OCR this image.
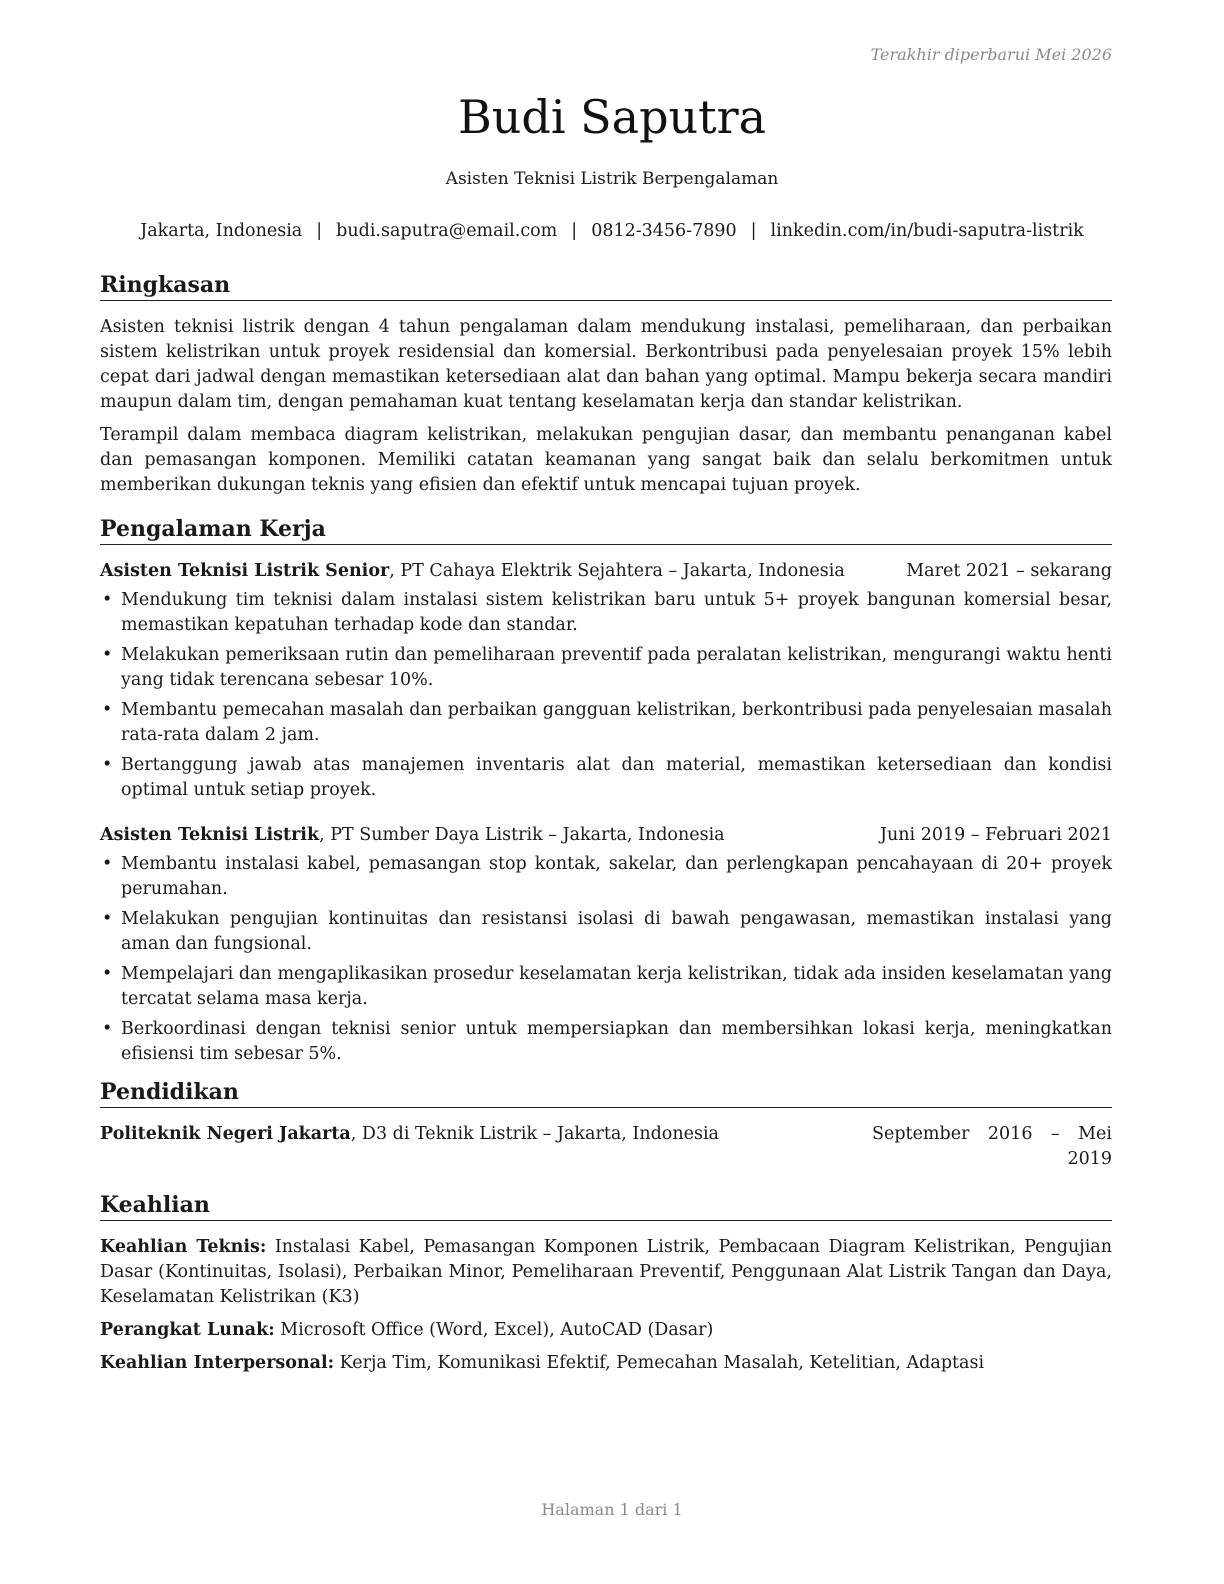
Terakhir diperbarui Mei 2026
Budi Saputra
Asisten Teknisi Listrik Berpengalaman
Jakarta, Indonesia | budi.saputra@email.com | 0812-3456-7890 | linkedin.com/in/budi-saputra-listrik
Ringkasan

Asisten teknisi listrik dengan 4 tahun pengalaman dalam mendukung instalasi, pemeliharaan, dan perbaikan sistem kelistrikan untuk proyek residensial dan komersial. Berkontribusi pada penyelesaian proyek 15% lebih cepat dari jadwal dengan memastikan ketersediaan alat dan bahan yang optimal. Mampu bekerja secara mandiri maupun dalam tim, dengan pemahaman kuat tentang keselamatan kerja dan standar kelistrikan.

Terampil dalam membaca diagram kelistrikan, melakukan pengujian dasar, dan membantu penanganan kabel dan pemasangan komponen. Memiliki catatan keamanan yang sangat baik dan selalu berkomitmen untuk memberikan dukungan teknis yang efisien dan efektif untuk mencapai tujuan proyek.

Pengalaman Kerja
Asisten Teknisi Listrik Senior, PT Cahaya Elektrik Sejahtera – Jakarta, Indonesia	Maret 2021 – sekarang
• Mendukung tim teknisi dalam instalasi sistem kelistrikan baru untuk 5+ proyek bangunan komersial besar, memastikan kepatuhan terhadap kode dan standar.
• Melakukan pemeriksaan rutin dan pemeliharaan preventif pada peralatan kelistrikan, mengurangi waktu henti yang tidak terencana sebesar 10%.
• Membantu pemecahan masalah dan perbaikan gangguan kelistrikan, berkontribusi pada penyelesaian masalah rata-rata dalam 2 jam.
• Bertanggung jawab atas manajemen inventaris alat dan material, memastikan ketersediaan dan kondisi optimal untuk setiap proyek.
Asisten Teknisi Listrik, PT Sumber Daya Listrik – Jakarta, Indonesia	Juni 2019 – Februari 2021
• Membantu instalasi kabel, pemasangan stop kontak, sakelar, dan perlengkapan pencahayaan di 20+ proyek perumahan.
• Melakukan pengujian kontinuitas dan resistansi isolasi di bawah pengawasan, memastikan instalasi yang aman dan fungsional.
• Mempelajari dan mengaplikasikan prosedur keselamatan kerja kelistrikan, tidak ada insiden keselamatan yang tercatat selama masa kerja.
• Berkoordinasi dengan teknisi senior untuk mempersiapkan dan membersihkan lokasi kerja, meningkatkan efisiensi tim sebesar 5%.
Pendidikan
Politeknik Negeri Jakarta, D3 di Teknik Listrik – Jakarta, Indonesia	September 2016 – Mei 2019
Keahlian

Keahlian Teknis: Instalasi Kabel, Pemasangan Komponen Listrik, Pembacaan Diagram Kelistrikan, Pengujian Dasar (Kontinuitas, Isolasi), Perbaikan Minor, Pemeliharaan Preventif, Penggunaan Alat Listrik Tangan dan Daya, Keselamatan Kelistrikan (K3)

Perangkat Lunak: Microsoft Office (Word, Excel), AutoCAD (Dasar)

Keahlian Interpersonal: Kerja Tim, Komunikasi Efektif, Pemecahan Masalah, Ketelitian, Adaptasi

Halaman 1 dari 1
